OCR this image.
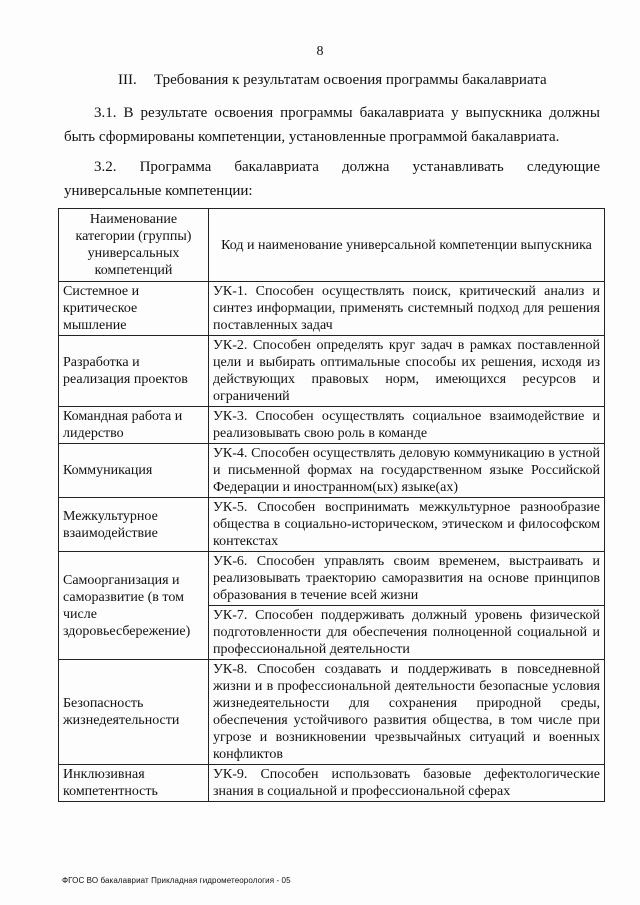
8
III. Требования к результатам освоения программы бакалавриата
3.1. В результате освоения программы бакалавриата у выпускника должны
быть сформированы компетенции, установленные программой бакалавриата.
3.2. Программа бакалавриата должна устанавливать следующие
универсальные компетенции:
Наименование категории (группы) универсальных компетенций	Код и наименование универсальной компетенции выпускника
Системное и критическое мышление	УК-1. Способен осуществлять поиск, критический анализ и синтез информации, применять системный подход для решения поставленных задач
Разработка и реализация проектов	УК-2. Способен определять круг задач в рамках поставленной цели и выбирать оптимальные способы их решения, исходя из действующих правовых норм, имеющихся ресурсов и ограничений
Командная работа и лидерство	УК-3. Способен осуществлять социальное взаимодействие и реализовывать свою роль в команде
Коммуникация	УК-4. Способен осуществлять деловую коммуникацию в устной и письменной формах на государственном языке Российской Федерации и иностранном(ых) языке(ах)
Межкультурное взаимодействие	УК-5. Способен воспринимать межкультурное разнообразие общества в социально-историческом, этическом и философском контекстах
Самоорганизация и саморазвитие (в том числе здоровьесбережение)	УК-6. Способен управлять своим временем, выстраивать и реализовывать траекторию саморазвития на основе принципов образования в течение всей жизни
	УК-7. Способен поддерживать должный уровень физической подготовленности для обеспечения полноценной социальной и профессиональной деятельности
Безопасность жизнедеятельности	УК-8. Способен создавать и поддерживать в повседневной жизни и в профессиональной деятельности безопасные условия жизнедеятельности для сохранения природной среды, обеспечения устойчивого развития общества, в том числе при угрозе и возникновении чрезвычайных ситуаций и военных конфликтов
Инклюзивная компетентность	УК-9. Способен использовать базовые дефектологические знания в социальной и профессиональной сферах
ФГОС ВО бакалавриат Прикладная гидрометеорология - 05
